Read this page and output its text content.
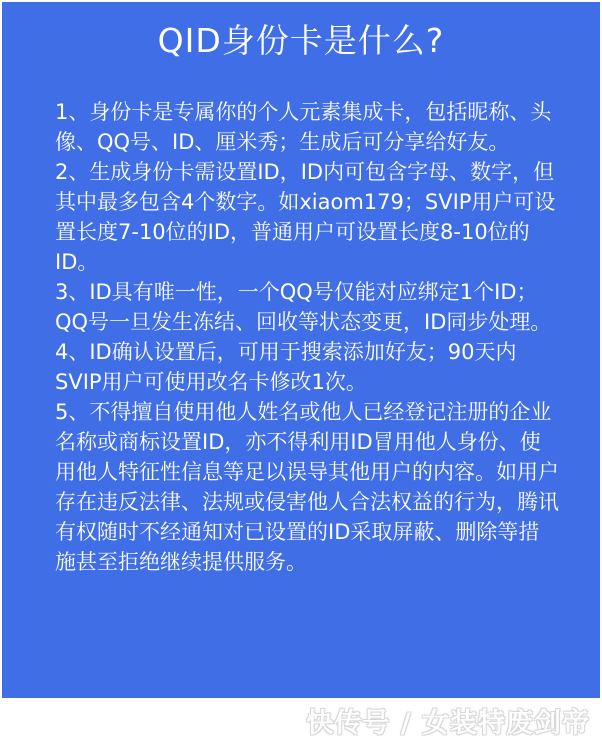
QID身份卡是什么?

1、身份卡是专属你的个人元素集成卡，包括昵称、头像、QQ号、ID、厘米秀；生成后可分享给好友。

2、生成身份卡需设置ID，ID内可包含字母、数字，但其中最多包含4个数字。如xiaom179；SVIP用户可设置长度7-10位的ID，普通用户可设置长度8-10位的ID。

3、ID具有唯一性，一个QQ号仅能对应绑定1个ID；QQ号一旦发生冻结、回收等状态变更，ID同步处理。

4、ID确认设置后，可用于搜索添加好友；90天内SVIP用户可使用改名卡修改1次。

5、不得擅自使用他人姓名或他人已经登记注册的企业名称或商标设置ID，亦不得利用ID冒用他人身份、使用他人特征性信息等足以误导其他用户的内容。如用户存在违反法律、法规或侵害他人合法权益的行为，腾讯有权随时不经通知对已设置的ID采取屏蔽、删除等措施甚至拒绝继续提供服务。

快传号 / 女装特废剑帝
